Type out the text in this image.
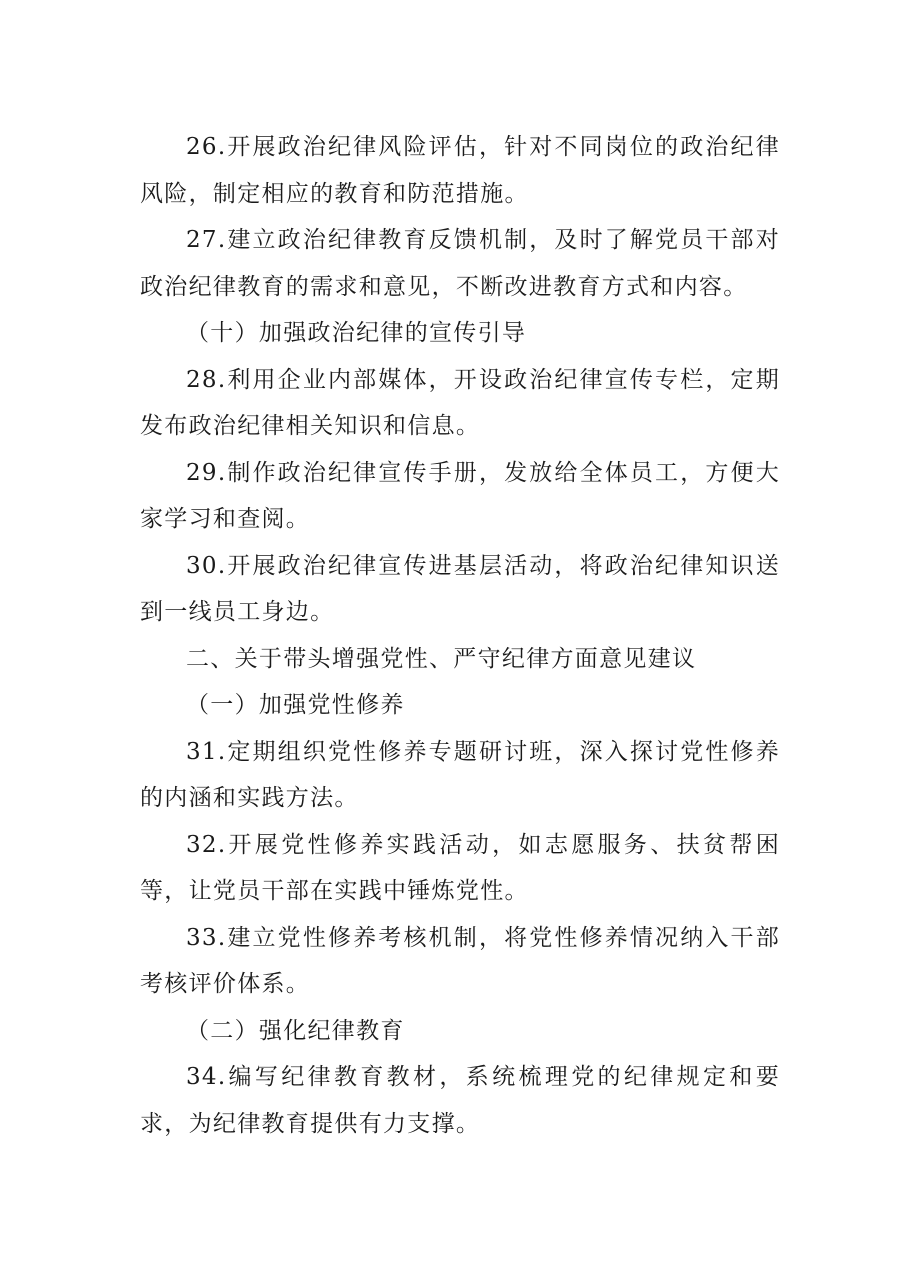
26.开展政治纪律风险评估，针对不同岗位的政治纪律风险，制定相应的教育和防范措施。

27.建立政治纪律教育反馈机制，及时了解党员干部对政治纪律教育的需求和意见，不断改进教育方式和内容。

（十）加强政治纪律的宣传引导

28.利用企业内部媒体，开设政治纪律宣传专栏，定期发布政治纪律相关知识和信息。

29.制作政治纪律宣传手册，发放给全体员工，方便大家学习和查阅。

30.开展政治纪律宣传进基层活动，将政治纪律知识送到一线员工身边。

二、关于带头增强党性、严守纪律方面意见建议

（一）加强党性修养

31.定期组织党性修养专题研讨班，深入探讨党性修养的内涵和实践方法。

32.开展党性修养实践活动，如志愿服务、扶贫帮困等，让党员干部在实践中锤炼党性。

33.建立党性修养考核机制，将党性修养情况纳入干部考核评价体系。

（二）强化纪律教育

34.编写纪律教育教材，系统梳理党的纪律规定和要求，为纪律教育提供有力支撑。
